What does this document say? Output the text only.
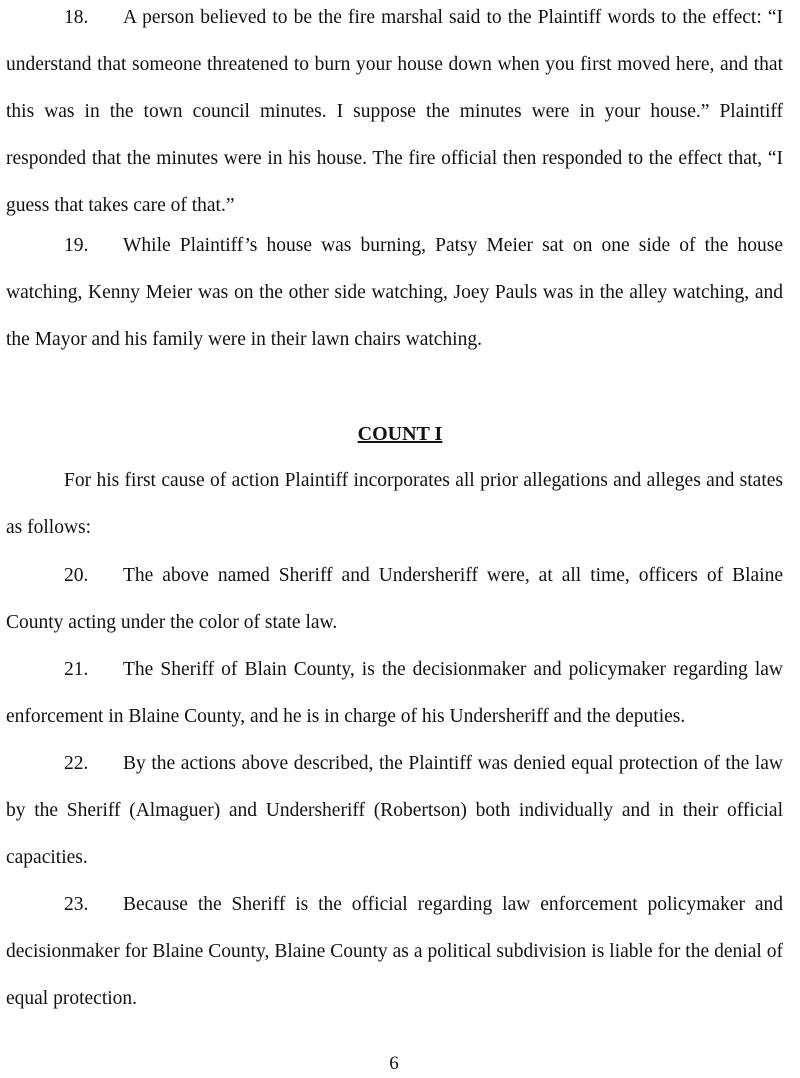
18. A person believed to be the fire marshal said to the Plaintiff words to the effect: “I understand that someone threatened to burn your house down when you first moved here, and that this was in the town council minutes. I suppose the minutes were in your house.” Plaintiff responded that the minutes were in his house. The fire official then responded to the effect that, “I guess that takes care of that.”

19. While Plaintiff’s house was burning, Patsy Meier sat on one side of the house watching, Kenny Meier was on the other side watching, Joey Pauls was in the alley watching, and the Mayor and his family were in their lawn chairs watching.

COUNT I

For his first cause of action Plaintiff incorporates all prior allegations and alleges and states as follows:

20. The above named Sheriff and Undersheriff were, at all time, officers of Blaine County acting under the color of state law.

21. The Sheriff of Blain County, is the decisionmaker and policymaker regarding law enforcement in Blaine County, and he is in charge of his Undersheriff and the deputies.

22. By the actions above described, the Plaintiff was denied equal protection of the law by the Sheriff (Almaguer) and Undersheriff (Robertson) both individually and in their official capacities.

23. Because the Sheriff is the official regarding law enforcement policymaker and decisionmaker for Blaine County, Blaine County as a political subdivision is liable for the denial of equal protection.

6
